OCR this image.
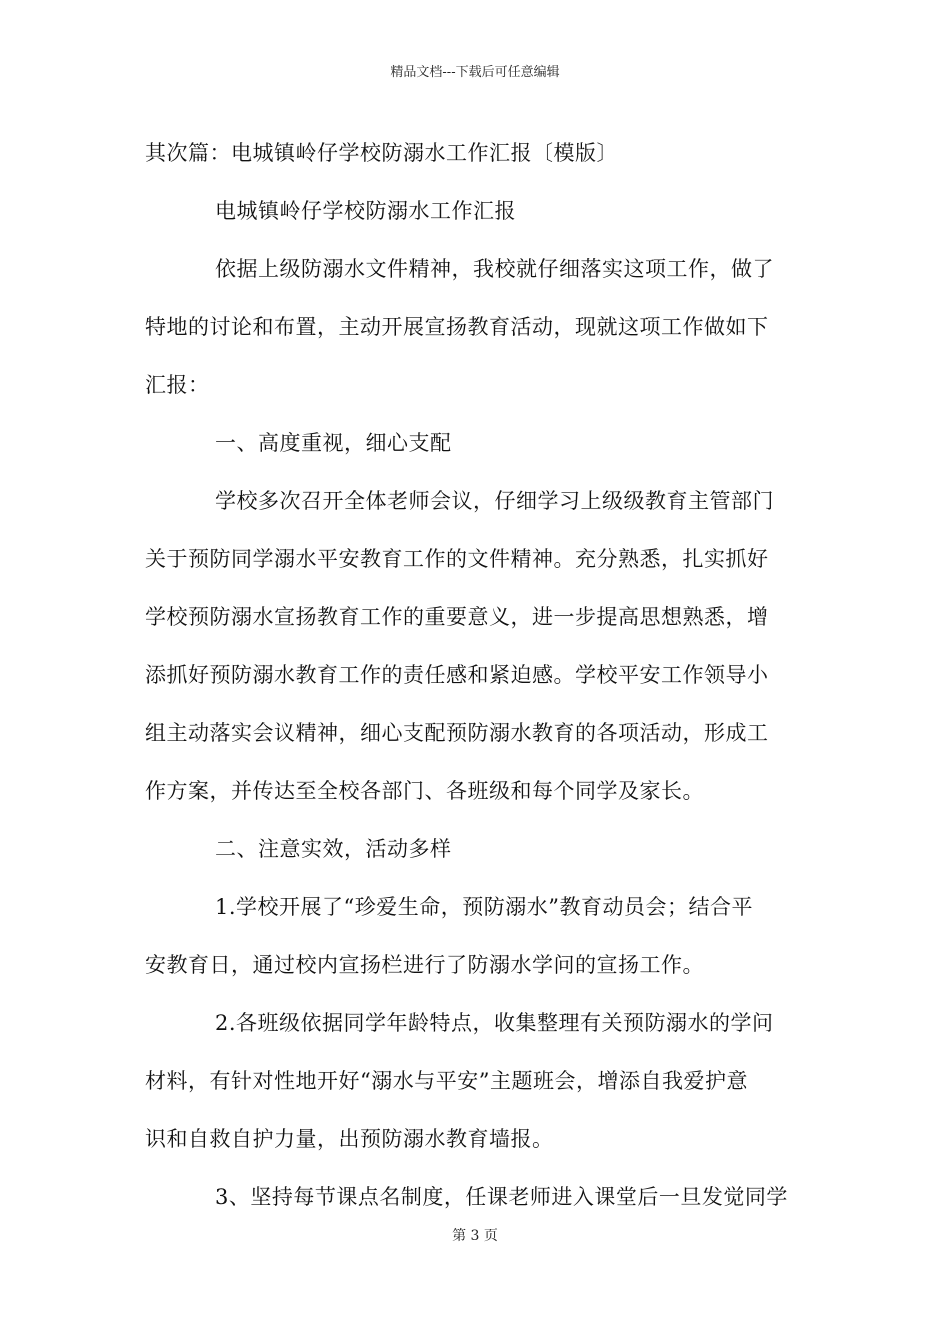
精品文档---下载后可任意编辑
其次篇：电城镇岭仔学校防溺水工作汇报〔模版〕
电城镇岭仔学校防溺水工作汇报
依据上级防溺水文件精神，我校就仔细落实这项工作，做了
特地的讨论和布置，主动开展宣扬教育活动，现就这项工作做如下
汇报：
一、高度重视，细心支配
学校多次召开全体老师会议，仔细学习上级级教育主管部门
关于预防同学溺水平安教育工作的文件精神。充分熟悉，扎实抓好
学校预防溺水宣扬教育工作的重要意义，进一步提高思想熟悉，增
添抓好预防溺水教育工作的责任感和紧迫感。学校平安工作领导小
组主动落实会议精神，细心支配预防溺水教育的各项活动，形成工
作方案，并传达至全校各部门、各班级和每个同学及家长。
二、注意实效，活动多样
1.学校开展了“珍爱生命，预防溺水”教育动员会；结合平
安教育日，通过校内宣扬栏进行了防溺水学问的宣扬工作。
2.各班级依据同学年龄特点，收集整理有关预防溺水的学问
材料，有针对性地开好“溺水与平安”主题班会，增添自我爱护意
识和自救自护力量，出预防溺水教育墙报。
3、坚持每节课点名制度，任课老师进入课堂后一旦发觉同学
第 3 页
